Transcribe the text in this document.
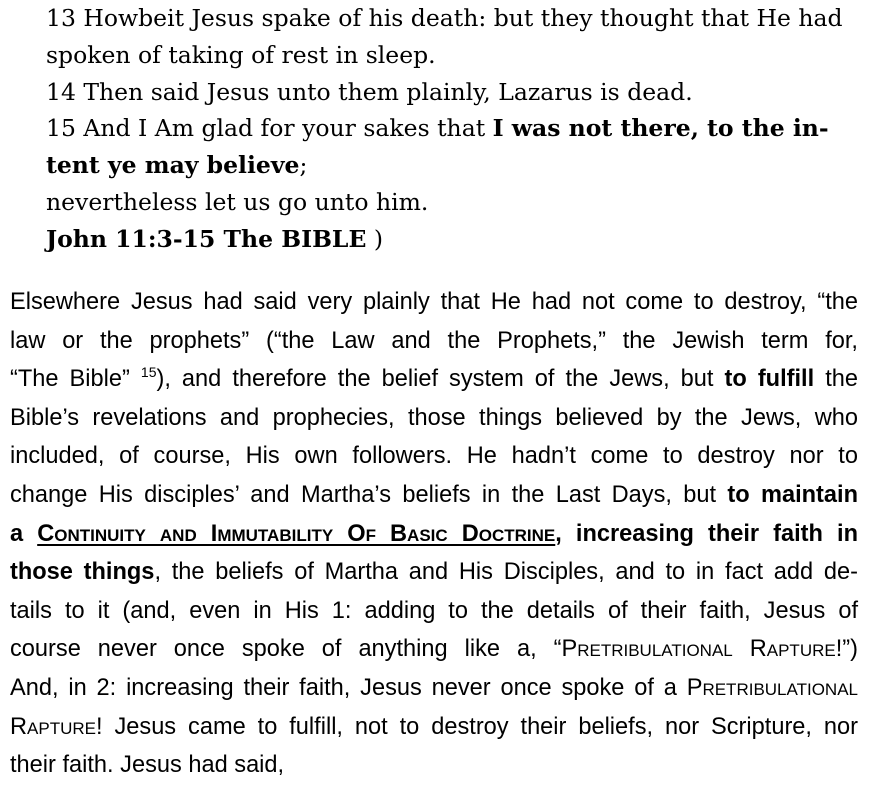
13 Howbeit Jesus spake of his death: but they thought that He had
spoken of taking of rest in sleep.
14 Then said Jesus unto them plainly, Lazarus is dead.
15 And I Am glad for your sakes that I was not there, to the in-
tent ye may believe;
nevertheless let us go unto him.
John 11:3-15 The BIBLE )
Elsewhere Jesus had said very plainly that He had not come to destroy, “the
law or the prophets” (“the Law and the Prophets,” the Jewish term for,
“The Bible” $^{15}$), and therefore the belief system of the Jews, but to fulfill the
Bible’s revelations and prophecies, those things believed by the Jews, who
included, of course, His own followers. He hadn’t come to destroy nor to
change His disciples’ and Martha’s beliefs in the Last Days, but to maintain
a Continuity and Immutability Of Basic Doctrine, increasing their faith in
those things, the beliefs of Martha and His Disciples, and to in fact add de-
tails to it (and, even in His 1: adding to the details of their faith, Jesus of
course never once spoke of anything like a, “Pretribulational Rapture!”)
And, in 2: increasing their faith, Jesus never once spoke of a Pretribulational
Rapture! Jesus came to fulfill, not to destroy their beliefs, nor Scripture, nor
their faith. Jesus had said,
